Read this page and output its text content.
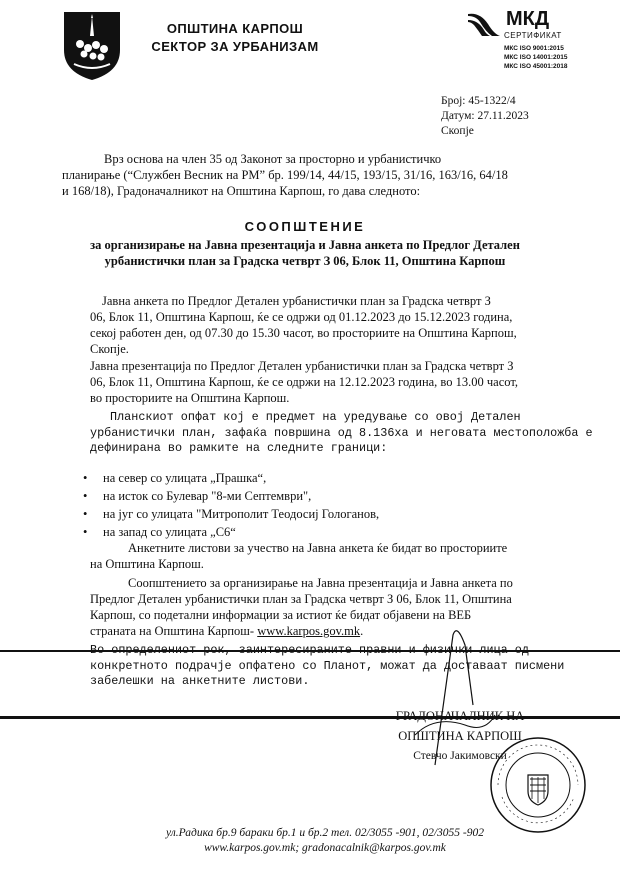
ОПШТИНА КАРПОШ
СЕКТОР ЗА УРБАНИЗАМ
МКД
СЕРТИФИКАТ
МКС ISO 9001:2015
МКС ISO 14001:2015
МКС ISO 45001:2018
Број: 45-1322/4
Датум: 27.11.2023
Скопје
Врз основа на член 35 од Законот за просторно и урбанистичко
планирање (“Службен Весник на РМ” бр. 199/14, 44/15, 193/15, 31/16, 163/16, 64/18
и 168/18), Градоначалникот на Општина Карпош, го дава следното:
СООПШТЕНИЕ
за организирање на Јавна презентација и Јавна анкета по Предлог Детален
урбанистички план за Градска четврт З 06, Блок 11, Општина Карпош
Јавна анкета по Предлог Детален урбанистички план за Градска четврт З
06, Блок 11, Општина Карпош, ќе се одржи од 01.12.2023 до 15.12.2023 година,
секој работен ден, од 07.30 до 15.30 часот, во просториите на Општина Карпош,
Скопје.
Јавна презентација по Предлог Детален урбанистички план за Градска четврт З
06, Блок 11, Општина Карпош, ќе се одржи на 12.12.2023 година, во 13.00 часот,
во просториите на Општина Карпош.
Планскиот опфат кој е предмет на уредување со овој Детален
урбанистички план, зафаќа површина од 8.136ха и неговата местоположба е
дефинирана во рамките на следните граници:
• на север со улицата „Прашка“,
• на исток со Булевар "8-ми Септември",
• на југ со улицата "Митрополит Теодосиј Гологанов,
• на запад со улицата „С6“
Анкетните листови за учество на Јавна анкета ќе бидат во просториите
на Општина Карпош.
Соопштението за организирање на Јавна презентација и Јавна анкета по
Предлог Детален урбанистички план за Градска четврт З 06, Блок 11, Општина
Карпош, со подетални информации за истиот ќе бидат објавени на ВЕБ
страната на Општина Карпош- www.karpos.gov.mk.
конкретното подрачје опфатено со Планот, можат да доставаат писмени
забелешки на анкетните листови.
ГРАДОНАЧАЛНИК НА
ОПШТИНА КАРПОШ
Стевчо Јакимовски
ул.Радика бр.9 бараки бр.1 и бр.2 тел. 02/3055 -901, 02/3055 -902
www.karpos.gov.mk; gradonacalnik@karpos.gov.mk
